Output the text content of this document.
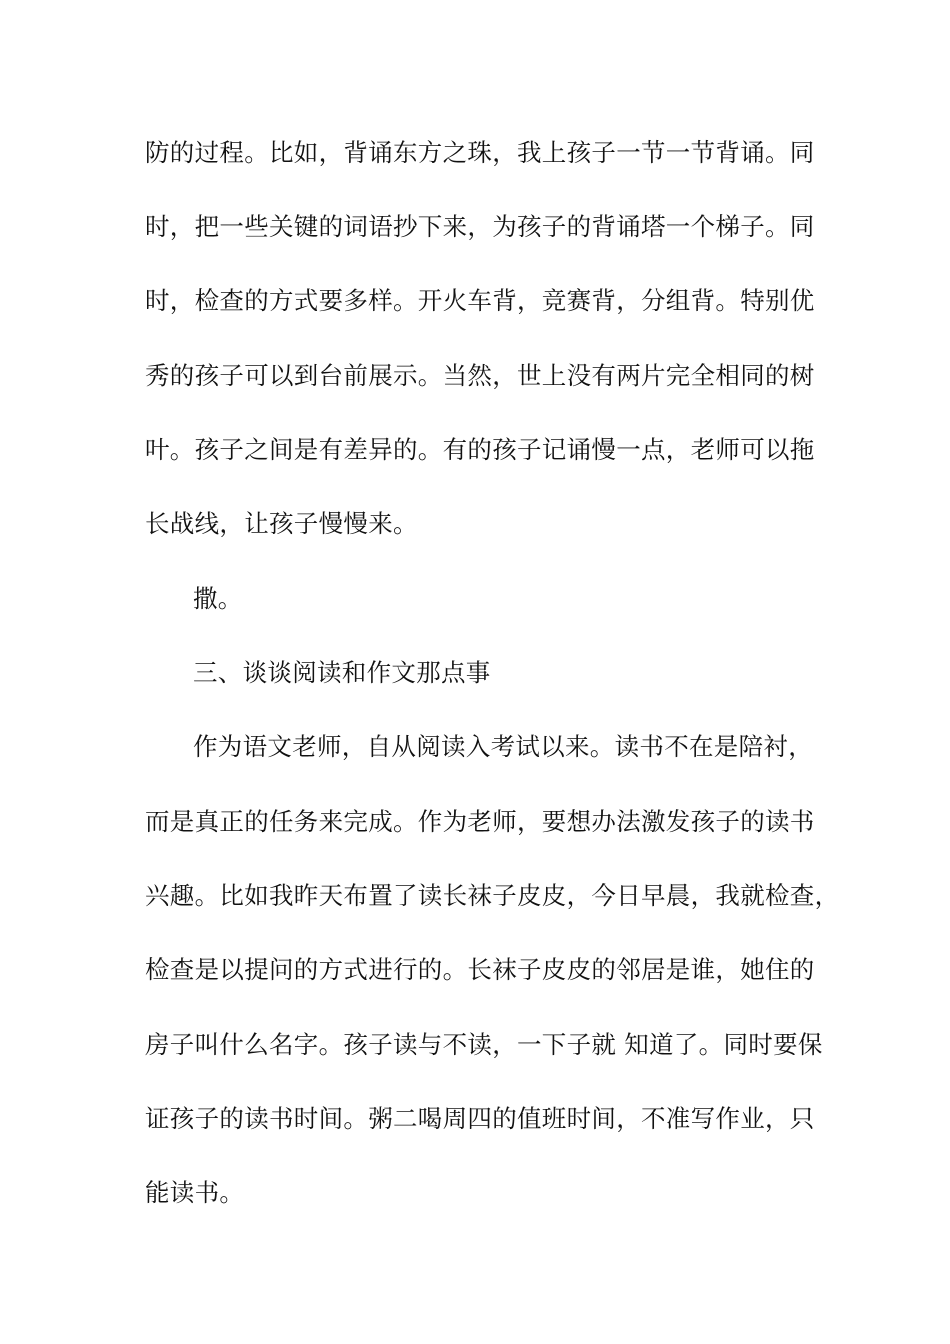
防的过程。比如，背诵东方之珠，我上孩子一节一节背诵。同
时，把一些关键的词语抄下来，为孩子的背诵塔一个梯子。同
时，检查的方式要多样。开火车背，竞赛背，分组背。特别优
秀的孩子可以到台前展示。当然，世上没有两片完全相同的树
叶。孩子之间是有差异的。有的孩子记诵慢一点，老师可以拖
长战线，让孩子慢慢来。
撒。
三、谈谈阅读和作文那点事
作为语文老师，自从阅读入考试以来。读书不在是陪衬，
而是真正的任务来完成。作为老师，要想办法激发孩子的读书
兴趣。比如我昨天布置了读长袜子皮皮，今日早晨，我就检查，
检查是以提问的方式进行的。长袜子皮皮的邻居是谁，她住的
房子叫什么名字。孩子读与不读，一下子就 知道了。同时要保
证孩子的读书时间。粥二喝周四的值班时间，不准写作业，只
能读书。
